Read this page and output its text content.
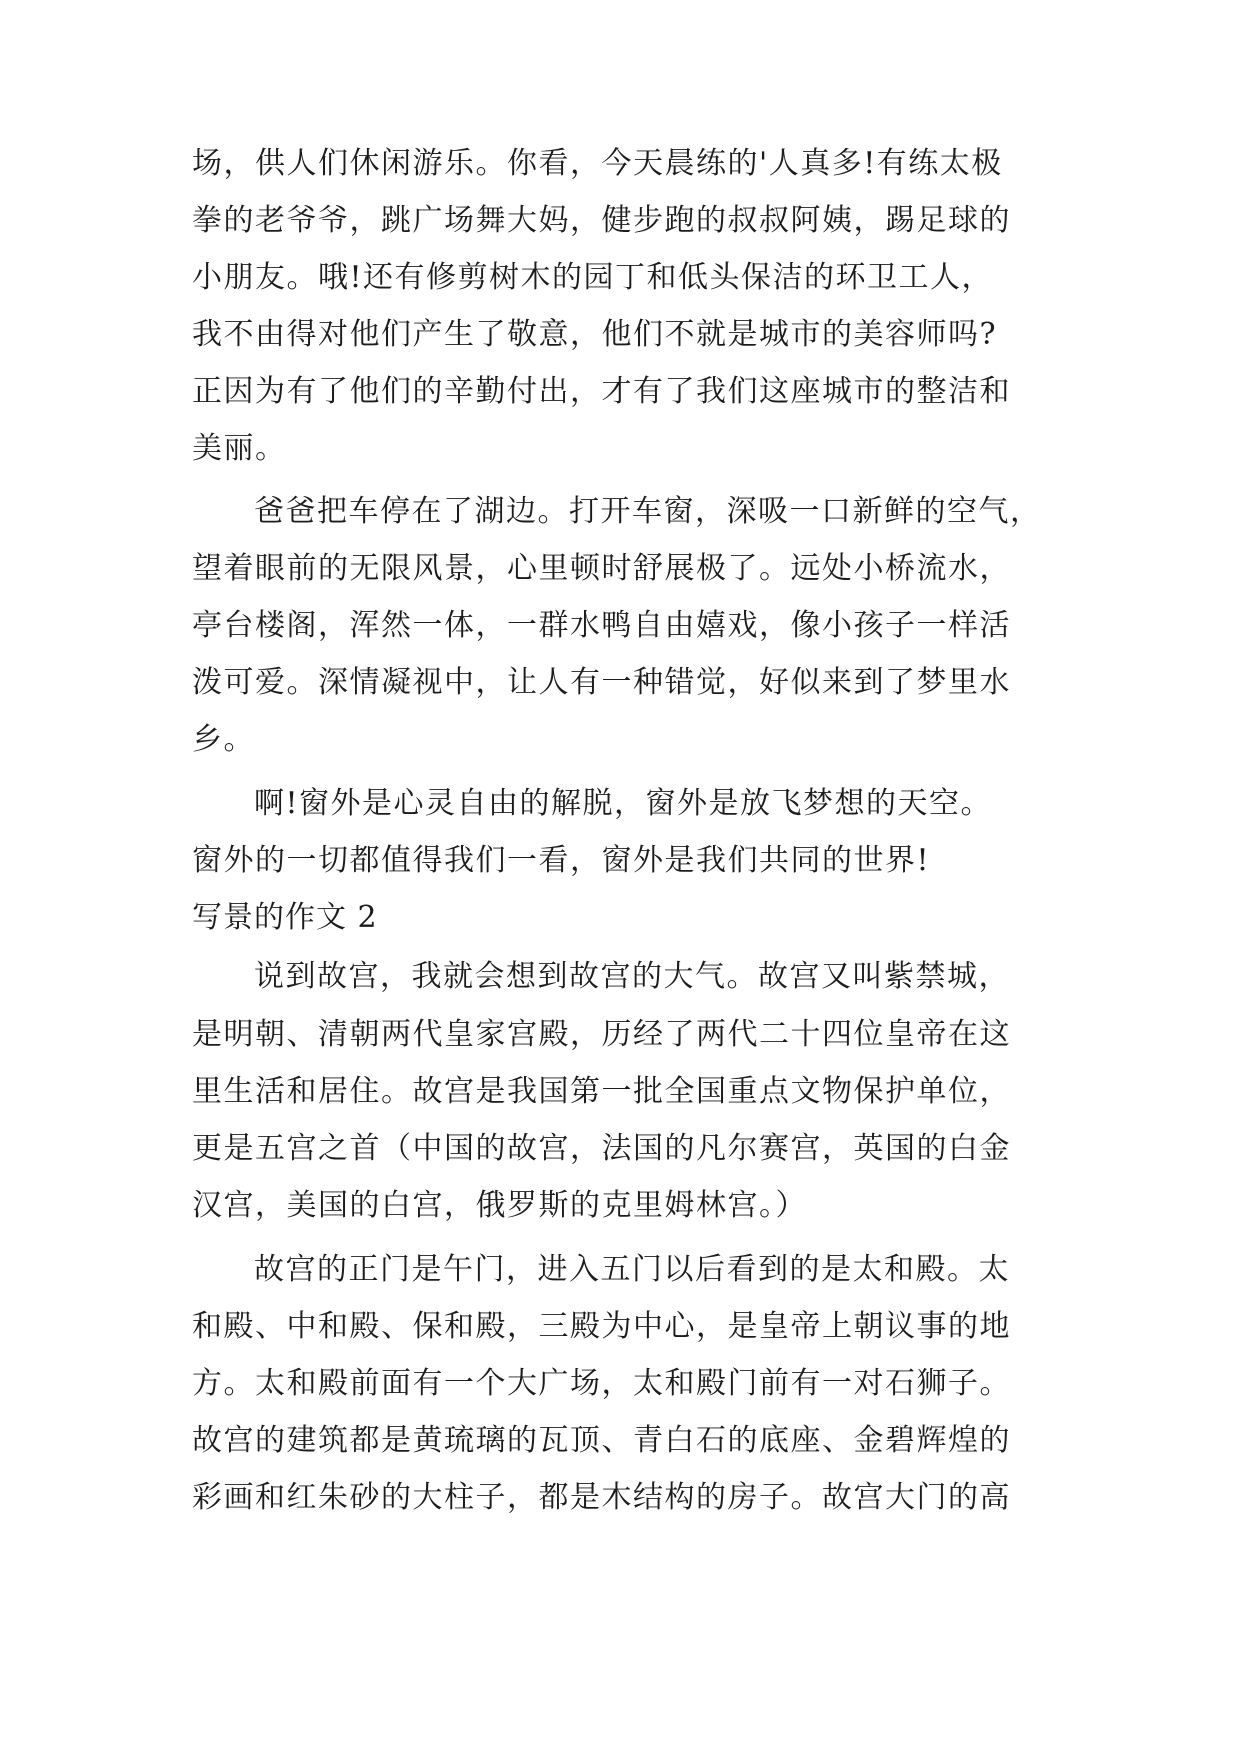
场，供人们休闲游乐。你看，今天晨练的'人真多!有练太极
拳的老爷爷，跳广场舞大妈，健步跑的叔叔阿姨，踢足球的
小朋友。哦!还有修剪树木的园丁和低头保洁的环卫工人，
我不由得对他们产生了敬意，他们不就是城市的美容师吗?
正因为有了他们的辛勤付出，才有了我们这座城市的整洁和
美丽。
爸爸把车停在了湖边。打开车窗，深吸一口新鲜的空气，
望着眼前的无限风景，心里顿时舒展极了。远处小桥流水，
亭台楼阁，浑然一体，一群水鸭自由嬉戏，像小孩子一样活
泼可爱。深情凝视中，让人有一种错觉，好似来到了梦里水
乡。
啊!窗外是心灵自由的解脱，窗外是放飞梦想的天空。
窗外的一切都值得我们一看，窗外是我们共同的世界!
写景的作文 2
说到故宫，我就会想到故宫的大气。故宫又叫紫禁城，
是明朝、清朝两代皇家宫殿，历经了两代二十四位皇帝在这
里生活和居住。故宫是我国第一批全国重点文物保护单位，
更是五宫之首（中国的故宫，法国的凡尔赛宫，英国的白金
汉宫，美国的白宫，俄罗斯的克里姆林宫。）
故宫的正门是午门，进入五门以后看到的是太和殿。太
和殿、中和殿、保和殿，三殿为中心，是皇帝上朝议事的地
方。太和殿前面有一个大广场，太和殿门前有一对石狮子。
故宫的建筑都是黄琉璃的瓦顶、青白石的底座、金碧辉煌的
彩画和红朱砂的大柱子，都是木结构的房子。故宫大门的高
